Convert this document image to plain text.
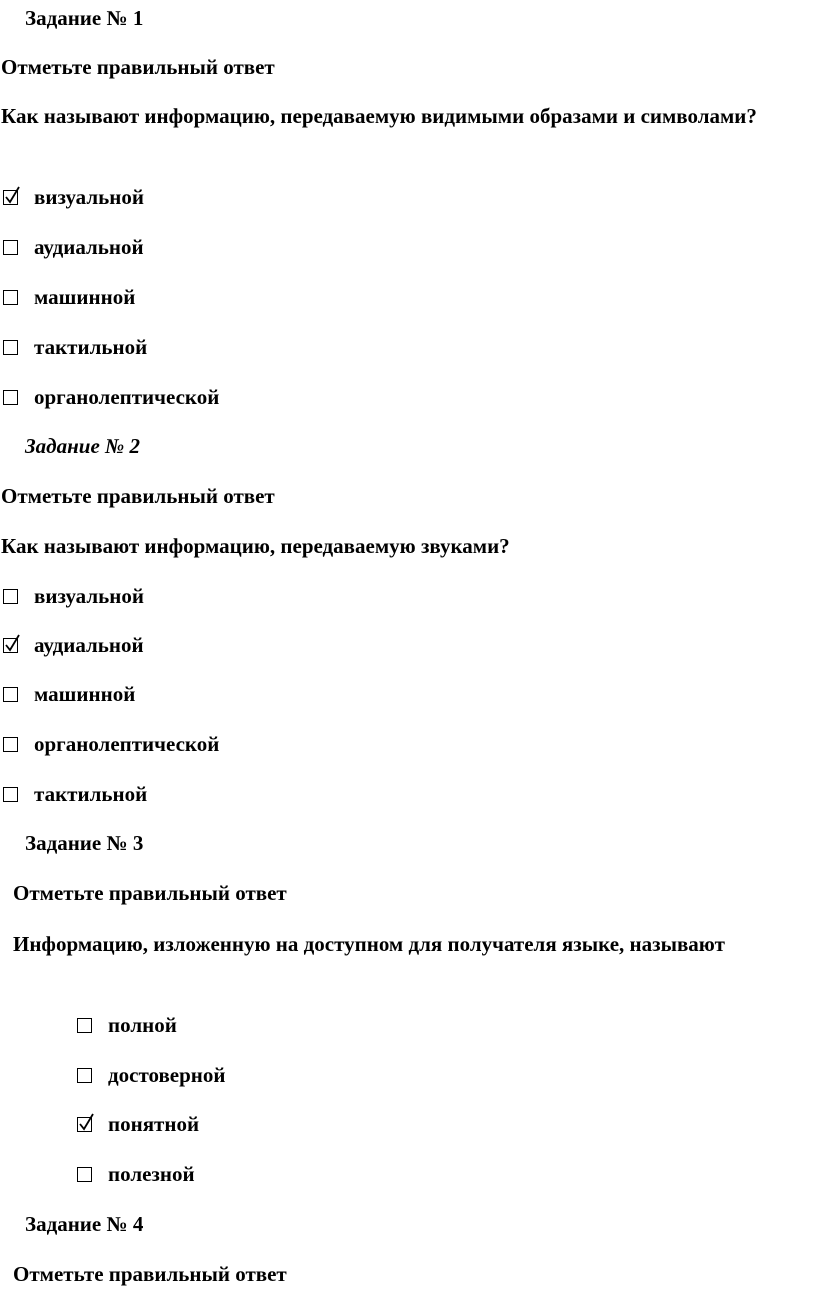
Задание № 1
Отметьте правильный ответ
Как называют информацию, передаваемую видимыми образами и символами?
визуальной
аудиальной
машинной
тактильной
органолептической
Задание № 2
Отметьте правильный ответ
Как называют информацию, передаваемую звуками?
визуальной
аудиальной
машинной
органолептической
тактильной
Задание № 3
Отметьте правильный ответ
Информацию, изложенную на доступном для получателя языке, называют
полной
достоверной
понятной
полезной
Задание № 4
Отметьте правильный ответ
